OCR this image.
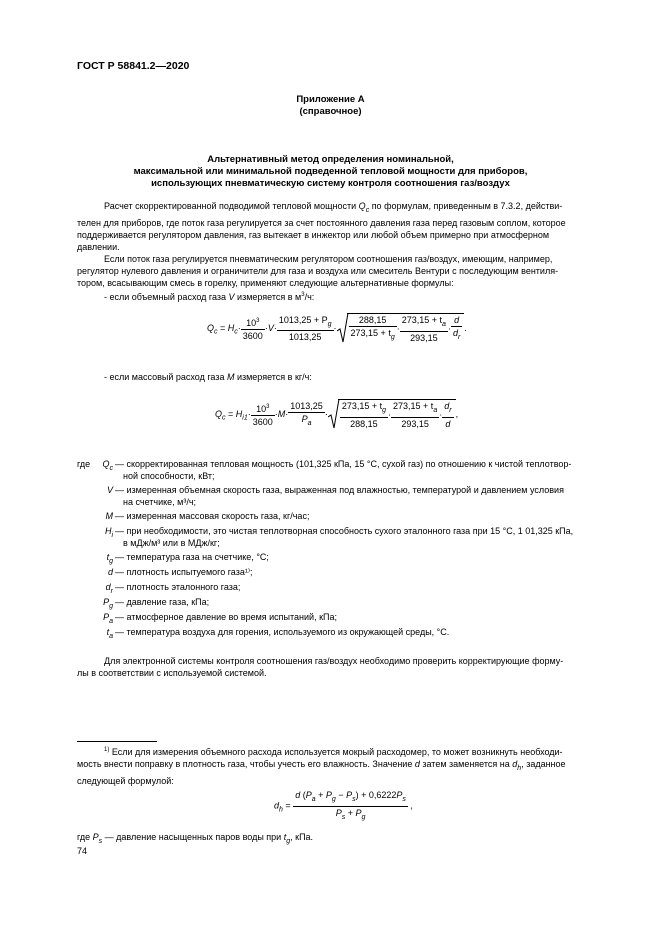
ГОСТ Р 58841.2—2020
Приложение А
(справочное)
Альтернативный метод определения номинальной,
максимальной или минимальной подведенной тепловой мощности для приборов,
использующих пневматическую систему контроля соотношения газ/воздух

Расчет скорректированной подводимой тепловой мощности $Q_c$ по формулам, приведенным в 7.3.2, действи-

телен для приборов, где поток газа регулируется за счет постоянного давления газа перед газовым соплом, которое
поддерживается регулятором давления, газ вытекает в инжектор или любой объем примерно при атмосферном
давлении.

Если поток газа регулируется пневматическим регулятором соотношения газ/воздух, имеющим, например,

регулятор нулевого давления и ограничители для газа и воздуха или смеситель Вентури с последующим вентиля-
тором, всасывающим смесь в горелку, применяют следующие альтернативные формулы:
- если объемный расход газа V измеряется в $м^3/ч$:
$Q_c = H_c\cdot \frac{10^3}{3600} \cdot V\cdot \frac{1013,25 + P_g}{1013,25} \cdot \frac{288,15}{273,15 + t_g} \cdot \frac{273,15 + t_a}{293,15} \cdot \frac{d}{d_r}$ .
- если массовый расход газа M измеряется в кг/ч:
$Q_c = H_{i1}\cdot \frac{10^3}{3600} \cdot M\cdot \frac{1013,25}{P_a} \cdot \frac{273,15 + t_g}{288,15} \cdot \frac{273,15 + t_a}{293,15} \cdot \frac{d_r}{d}$ ,
где	$Q_c$ — скорректированная тепловая мощность (101,325 кПа, 15 °С, сухой газ) по отношению к чистой теплотвор-
ной способности, кВт;
V — измеренная объемная скорость газа, выраженная под влажностью, температурой и давлением условия
на счетчике, м³/ч;
M — измеренная массовая скорость газа, кг/час;
$H_i$ — при необходимости, это чистая теплотворная способность сухого эталонного газа при 15 °С, 1 01,325 кПа,
в мДж/м³ или в МДж/кг;
$t_g$ — температура газа на счетчике, °С;
d — плотность испытуемого газа¹⁾;
$d_r$ — плотность эталонного газа;
$P_g$ — давление газа, кПа;
$P_a$ — атмосферное давление во время испытаний, кПа;
$t_a$ — температура воздуха для горения, используемого из окружающей среды, °С.

Для электронной системы контроля соотношения газ/воздух необходимо проверить корректирующие форму-

лы в соответствии с используемой системой.

$^{1)}$ Если для измерения объемного расхода используется мокрый расходомер, то может возникнуть необходи-

мость внести поправку в плотность газа, чтобы учесть его влажность. Значение d затем заменяется на $d_h$, заданное
следующей формулой:
$d_h = \frac{d (P_a + P_g - P_s) + 0,6222P_s}{P_s + P_g}$ ,
где $P_s$ — давление насыщенных паров воды при $t_g$, кПа.
74
